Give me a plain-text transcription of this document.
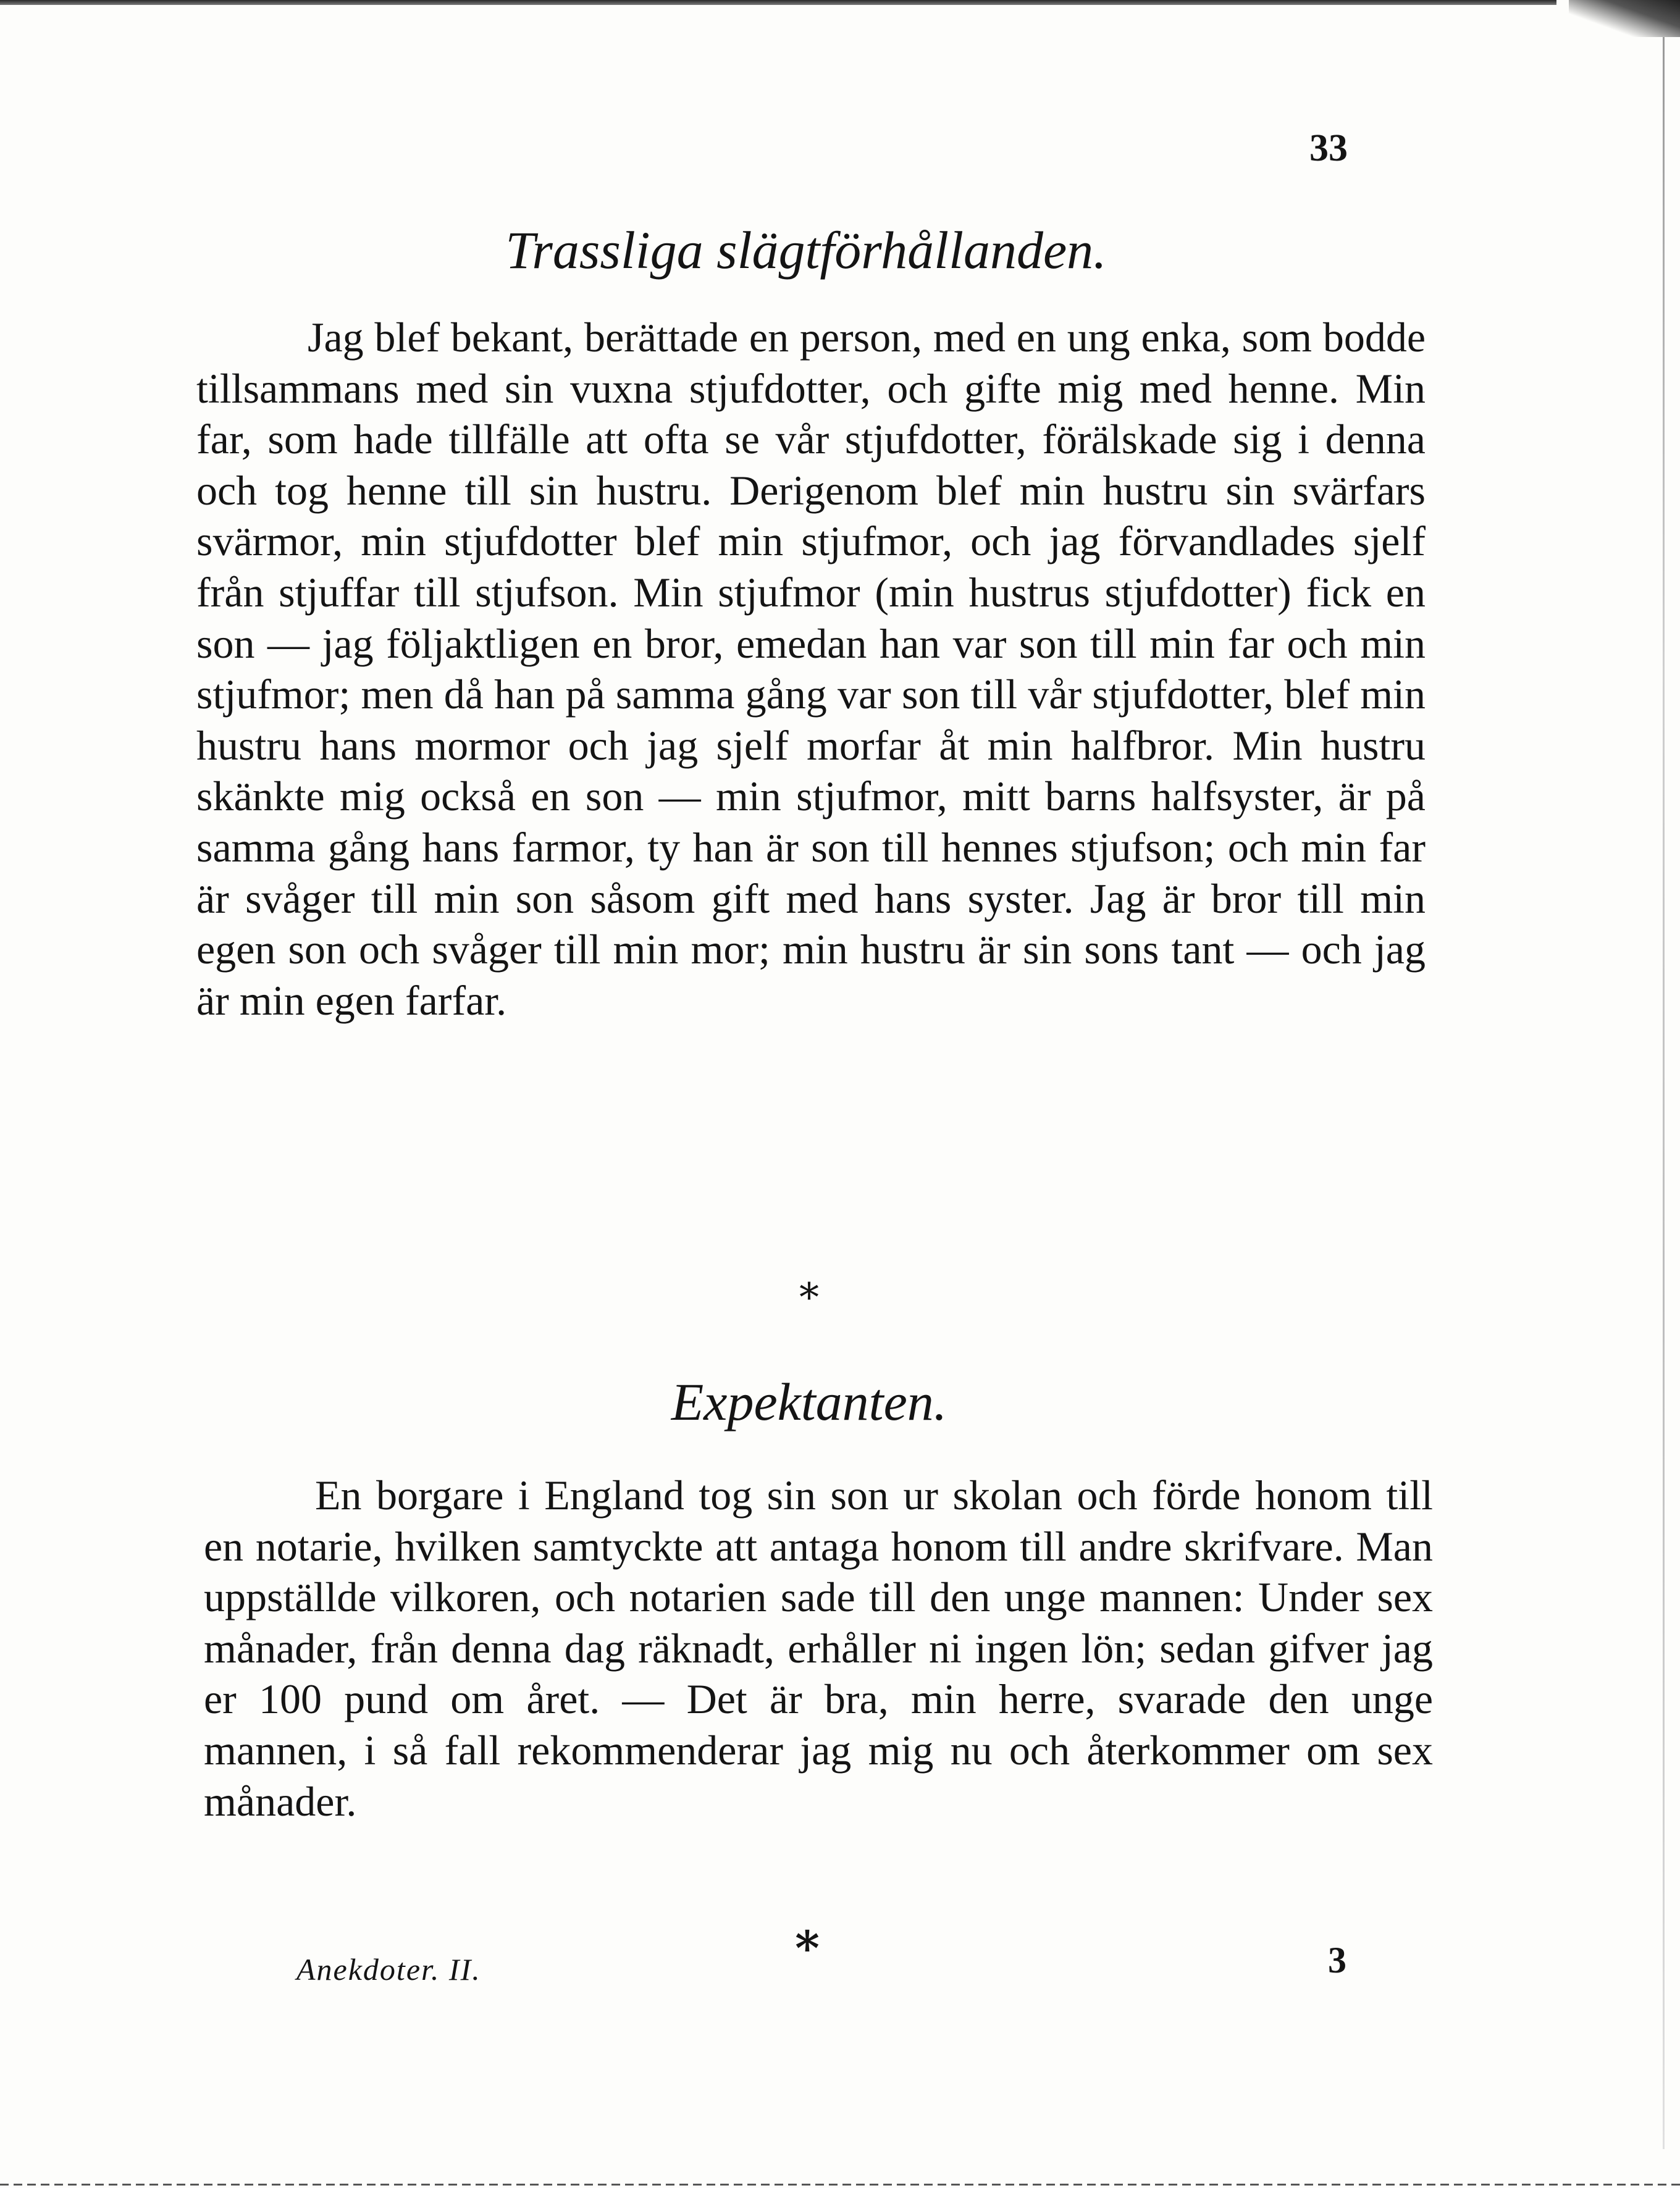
33
Trassliga slägtförhållanden.
Jag blef bekant, berättade en person, med en ung enka, som bodde tillsammans med sin vuxna stjufdotter, och gifte mig med henne. Min far, som hade tillfälle att ofta se vår stjufdotter, förälskade sig i denna och tog henne till sin hustru. Derigenom blef min hustru sin svärfars svärmor, min stjufdotter blef min stjufmor, och jag förvandlades sjelf från stjuffar till stjufson. Min stjufmor (min hustrus stjufdotter) fick en son — jag följaktligen en bror, emedan han var son till min far och min stjufmor; men då han på samma gång var son till vår stjufdotter, blef min hustru hans mormor och jag sjelf morfar åt min halfbror. Min hustru skänkte mig också en son — min stjufmor, mitt barns halfsyster, är på samma gång hans farmor, ty han är son till hennes stjufson; och min far är svåger till min son såsom gift med hans syster. Jag är bror till min egen son och svåger till min mor; min hustru är sin sons tant — och jag är min egen farfar.
*
Expektanten.
En borgare i England tog sin son ur skolan och förde honom till en notarie, hvilken samtyckte att antaga honom till andre skrifvare. Man uppställde vilkoren, och notarien sade till den unge mannen: Under sex månader, från denna dag räknadt, erhåller ni ingen lön; sedan gifver jag er 100 pund om året. — Det är bra, min herre, svarade den unge mannen, i så fall rekommenderar jag mig nu och återkommer om sex månader.
*
Anekdoter. II.	3
